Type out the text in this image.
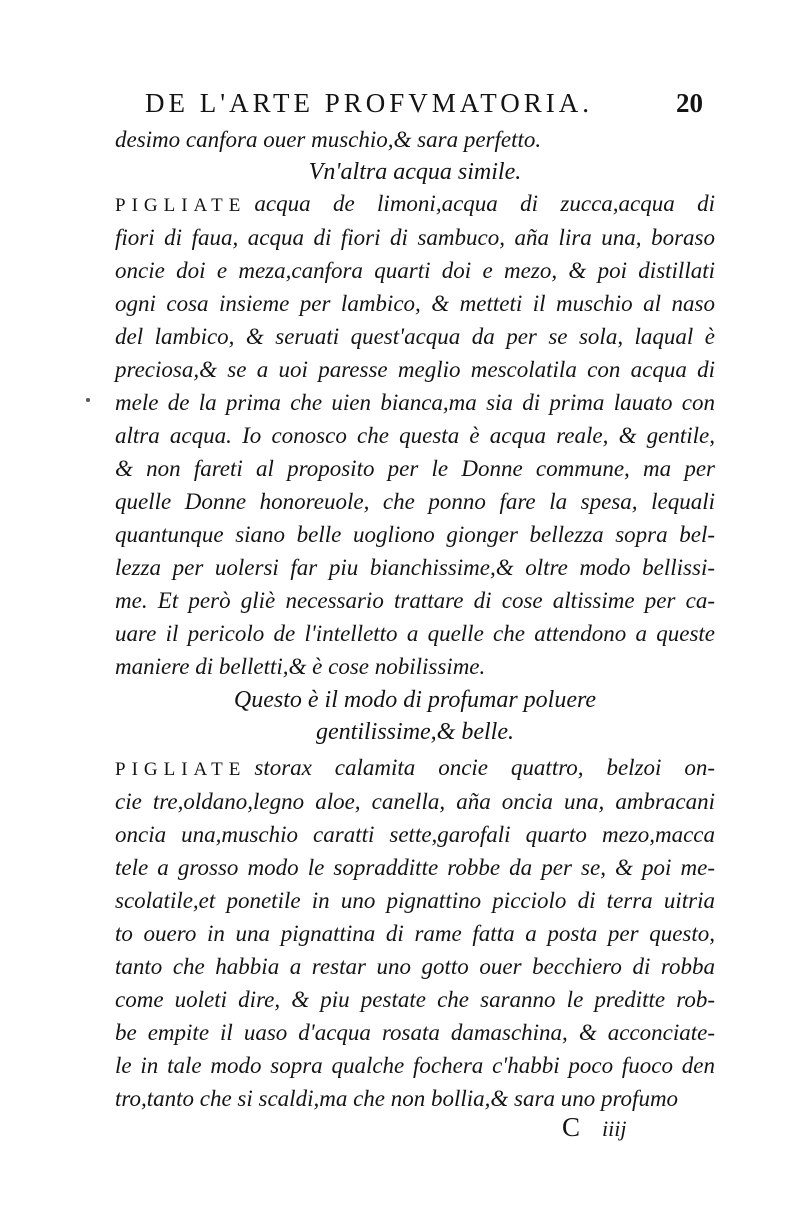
DE L'ARTE PROFVMATORIA.	20
desimo canfora ouer muschio,& sara perfetto.
Vn'altra acqua simile.
PIGLIATE acqua de limoni,acqua di zucca,acqua di
fiori di faua, acqua di fiori di sambuco, aña lira una, boraso
oncie doi e meza,canfora quarti doi e mezo, & poi distillati
ogni cosa insieme per lambico, & metteti il muschio al naso
del lambico, & seruati quest'acqua da per se sola, laqual è
preciosa,& se a uoi paresse meglio mescolatila con acqua di
mele de la prima che uien bianca,ma sia di prima lauato con
altra acqua. Io conosco che questa è acqua reale, & gentile,
& non fareti al proposito per le Donne commune, ma per
quelle Donne honoreuole, che ponno fare la spesa, lequali
quantunque siano belle uogliono gionger bellezza sopra bel-
lezza per uolersi far piu bianchissime,& oltre modo bellissi-
me. Et però gliè necessario trattare di cose altissime per ca-
uare il pericolo de l'intelletto a quelle che attendono a queste
maniere di belletti,& è cose nobilissime.
Questo è il modo di profumar poluere
gentilissime,& belle.
PIGLIATE storax calamita oncie quattro, belzoi on-
cie tre,oldano,legno aloe, canella, aña oncia una, ambracani
oncia una,muschio caratti sette,garofali quarto mezo,macca
tele a grosso modo le sopradditte robbe da per se, & poi me-
scolatile,et ponetile in uno pignattino picciolo di terra uitria
to ouero in una pignattina di rame fatta a posta per questo,
tanto che habbia a restar uno gotto ouer becchiero di robba
come uoleti dire, & piu pestate che saranno le preditte rob-
be empite il uaso d'acqua rosata damaschina, & acconciate-
le in tale modo sopra qualche fochera c'habbi poco fuoco den
tro,tanto che si scaldi,ma che non bollia,& sara uno profumo
C iiij
